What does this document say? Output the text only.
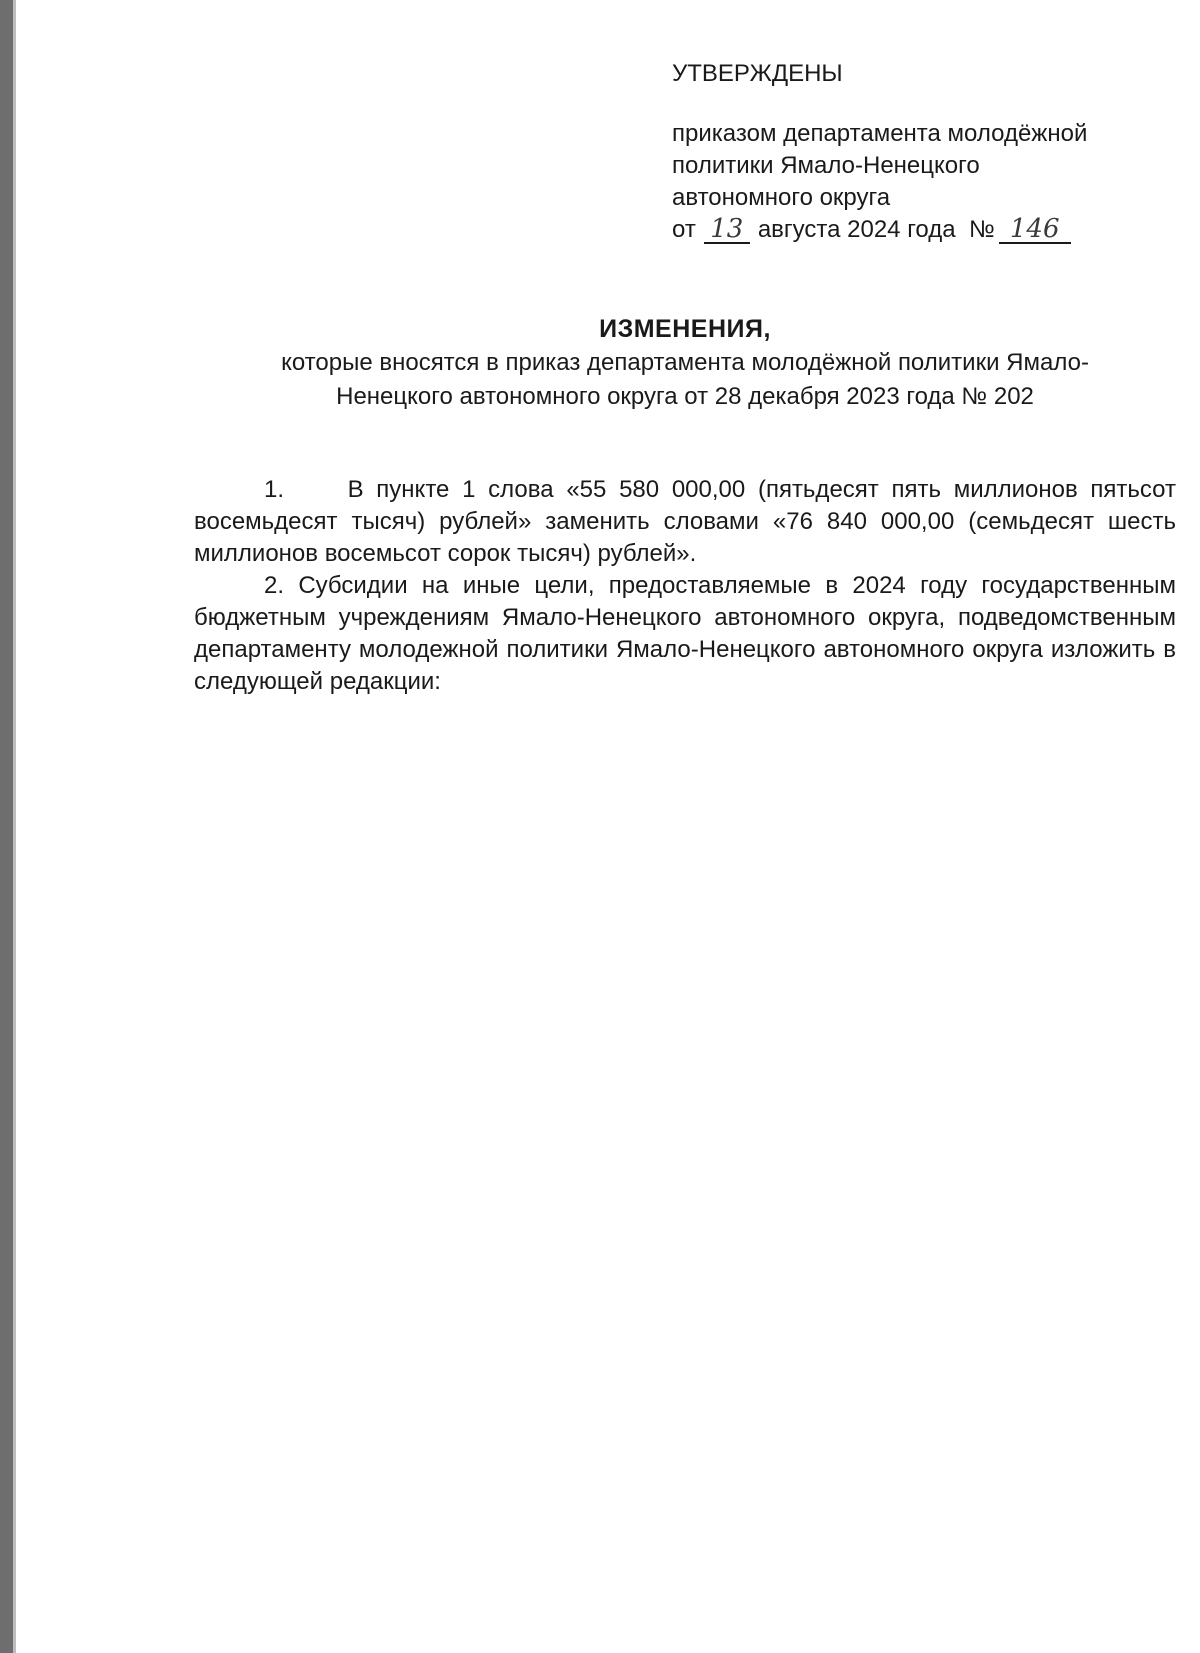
УТВЕРЖДЕНЫ
приказом департамента молодёжной
политики Ямало-Ненецкого
автономного округа
от 13 августа 2024 года № 146
ИЗМЕНЕНИЯ,
которые вносятся в приказ департамента молодёжной политики Ямало-
Ненецкого автономного округа от 28 декабря 2023 года № 202

1.     В пункте 1 слова «55 580 000,00 (пятьдесят пять миллионов пятьсот восемьдесят тысяч) рублей» заменить словами «76 840 000,00 (семьдесят шесть миллионов восемьсот сорок тысяч) рублей».

2. Субсидии на иные цели, предоставляемые в 2024 году государственным бюджетным учреждениям Ямало-Ненецкого автономного округа, подведомственным департаменту молодежной политики Ямало-Ненецкого автономного округа изложить в следующей редакции:
